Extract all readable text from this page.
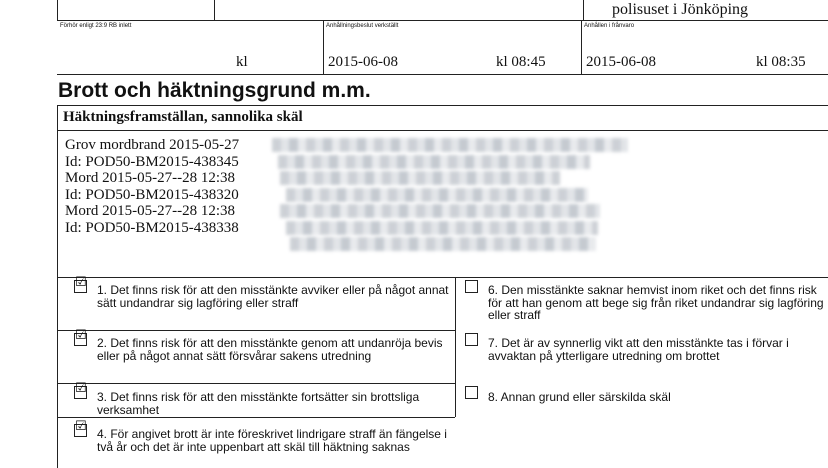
polisuset i Jönköping
Förhör enligt 23:9 RB inlett
kl
Anhållningsbeslut verkställt
2015-06-08	kl 08:45
Anhållen i frånvaro
2015-06-08	kl 08:35
Brott och häktningsgrund m.m.
Häktningsframställan, sannolika skäl
Grov mordbrand 2015-05-27
Id: POD50-BM2015-438345
Mord 2015-05-27--28 12:38
Id: POD50-BM2015-438320
Mord 2015-05-27--28 12:38
Id: POD50-BM2015-438338
☑ 1. Det finns risk för att den misstänkte avviker eller på något annat sätt undandrar sig lagföring eller straff
☑ 2. Det finns risk för att den misstänkte genom att undanröja bevis eller på något annat sätt försvårar sakens utredning
☑
3. Det finns risk för att den misstänkte fortsätter sin brottsliga verksamhet
☑ 4. För angivet brott är inte föreskrivet lindrigare straff än fängelse i två år och det är inte uppenbart att skäl till häktning saknas
6. Den misstänkte saknar hemvist inom riket och det finns risk för att han genom att bege sig från riket undandrar sig lagföring eller straff
7. Det är av synnerlig vikt att den misstänkte tas i förvar i avvaktan på ytterligare utredning om brottet
8. Annan grund eller särskilda skäl
